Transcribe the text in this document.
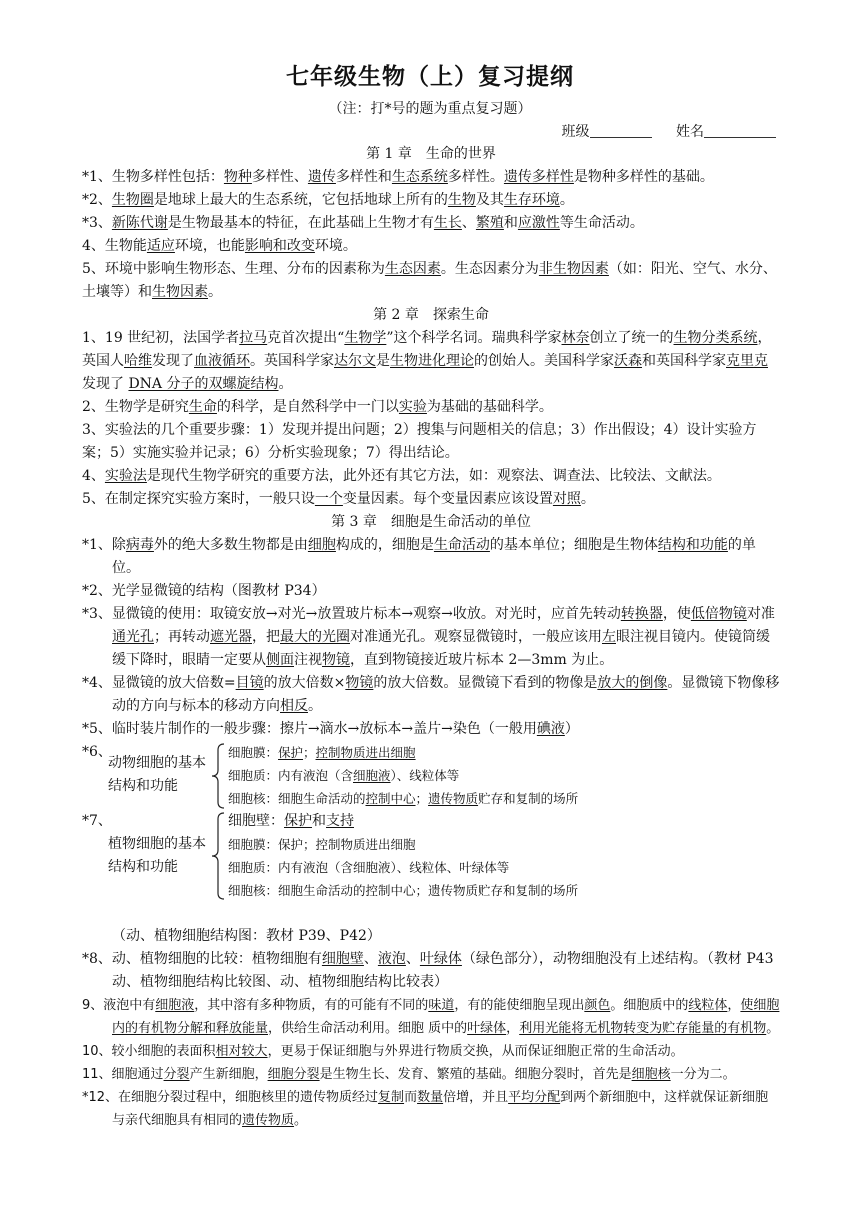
七年级生物（上）复习提纲
（注：打*号的题为重点复习题）
班级	姓名

第 1 章　生命的世界

*1、生物多样性包括：物种多样性、遗传多样性和生态系统多样性。遗传多样性是物种多样性的基础。

*2、生物圈是地球上最大的生态系统，它包括地球上所有的生物及其生存环境。

*3、新陈代谢是生物最基本的特征，在此基础上生物才有生长、繁殖和应激性等生命活动。

4、生物能适应环境，也能影响和改变环境。

5、环境中影响生物形态、生理、分布的因素称为生态因素。生态因素分为非生物因素（如：阳光、空气、水分、土壤等）和生物因素。

第 2 章　探索生命

1、19 世纪初，法国学者拉马克首次提出“生物学”这个科学名词。瑞典科学家林奈创立了统一的生物分类系统，英国人哈维发现了血液循环。英国科学家达尔文是生物进化理论的创始人。美国科学家沃森和英国科学家克里克发现了 DNA 分子的双螺旋结构。

2、生物学是研究生命的科学，是自然科学中一门以实验为基础的基础科学。

3、实验法的几个重要步骤：1）发现并提出问题；2）搜集与问题相关的信息；3）作出假设；4）设计实验方案；5）实施实验并记录；6）分析实验现象；7）得出结论。

4、实验法是现代生物学研究的重要方法，此外还有其它方法，如：观察法、调查法、比较法、文献法。

5、在制定探究实验方案时，一般只设一个变量因素。每个变量因素应该设置对照。

第 3 章　细胞是生命活动的单位

*1、除病毒外的绝大多数生物都是由细胞构成的，细胞是生命活动的基本单位；细胞是生物体结构和功能的单位。

*2、光学显微镜的结构（图教材 P34）

*3、显微镜的使用：取镜安放→对光→放置玻片标本→观察→收放。对光时，应首先转动转换器，使低倍物镜对准通光孔；再转动遮光器，把最大的光圈对准通光孔。观察显微镜时，一般应该用左眼注视目镜内。使镜筒缓缓下降时，眼睛一定要从侧面注视物镜，直到物镜接近玻片标本 2—3mm 为止。

*4、显微镜的放大倍数=目镜的放大倍数×物镜的放大倍数。显微镜下看到的物像是放大的倒像。显微镜下物像移动的方向与标本的移动方向相反。

*5、临时装片制作的一般步骤：擦片→滴水→放标本→盖片→染色（一般用碘液）

*6、
动物细胞的基本结构和功能
细胞膜：保护；控制物质进出细胞
细胞质：内有液泡（含细胞液）、线粒体等
细胞核：细胞生命活动的控制中心；遗传物质贮存和复制的场所
*7、
植物细胞的基本结构和功能
细胞壁：保护和支持
细胞膜：保护；控制物质进出细胞
细胞质：内有液泡（含细胞液）、线粒体、叶绿体等
细胞核：细胞生命活动的控制中心；遗传物质贮存和复制的场所

（动、植物细胞结构图：教材 P39、P42）

*8、动、植物细胞的比较：植物细胞有细胞壁、液泡、叶绿体（绿色部分），动物细胞没有上述结构。（教材 P43 动、植物细胞结构比较图、动、植物细胞结构比较表）

9、液泡中有细胞液，其中溶有多种物质，有的可能有不同的味道，有的能使细胞呈现出颜色。细胞质中的线粒体，使细胞内的有机物分解和释放能量，供给生命活动利用。细胞 质中的叶绿体，利用光能将无机物转变为贮存能量的有机物。

10、较小细胞的表面积相对较大，更易于保证细胞与外界进行物质交换，从而保证细胞正常的生命活动。

11、细胞通过分裂产生新细胞，细胞分裂是生物生长、发育、繁殖的基础。细胞分裂时，首先是细胞核一分为二。

*12、在细胞分裂过程中，细胞核里的遗传物质经过复制而数量倍增，并且平均分配到两个新细胞中，这样就保证新细胞与亲代细胞具有相同的遗传物质。
